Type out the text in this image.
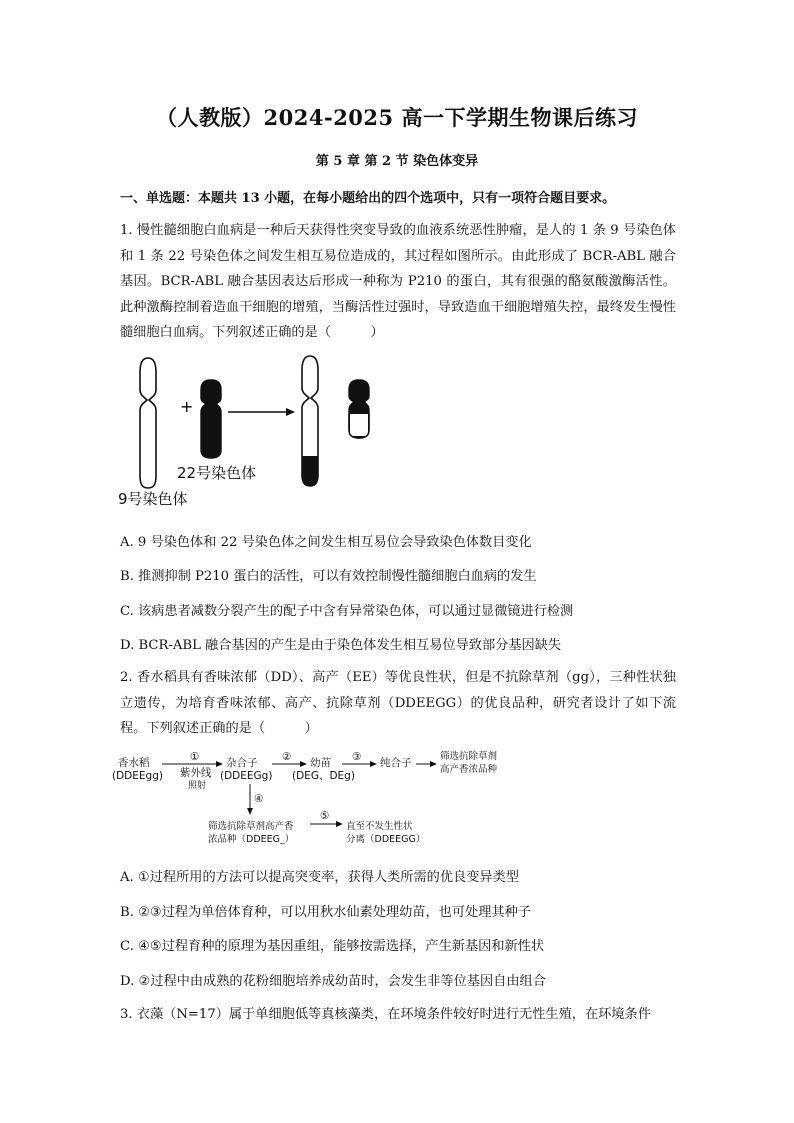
（人教版）2024-2025 高一下学期生物课后练习
第 5 章 第 2 节 染色体变异
一、单选题：本题共 13 小题，在每小题给出的四个选项中，只有一项符合题目要求。
1. 慢性髓细胞白血病是一种后天获得性突变导致的血液系统恶性肿瘤，是人的 1 条 9 号染色体和 1 条 22 号染色体之间发生相互易位造成的，其过程如图所示。由此形成了 BCR-ABL 融合基因。BCR-ABL 融合基因表达后形成一种称为 P210 的蛋白，其有很强的酪氨酸激酶活性。此种激酶控制着造血干细胞的增殖，当酶活性过强时，导致造血干细胞增殖失控，最终发生慢性髓细胞白血病。下列叙述正确的是（　　　）
+
22号染色体
9号染色体
A. 9 号染色体和 22 号染色体之间发生相互易位会导致染色体数目变化
B. 推测抑制 P210 蛋白的活性，可以有效控制慢性髓细胞白血病的发生
C. 该病患者减数分裂产生的配子中含有异常染色体，可以通过显微镜进行检测
D. BCR-ABL 融合基因的产生是由于染色体发生相互易位导致部分基因缺失
2. 香水稻具有香味浓郁（DD）、高产（EE）等优良性状，但是不抗除草剂（gg），三种性状独立遗传，为培育香味浓郁、高产、抗除草剂（DDEEGG）的优良品种，研究者设计了如下流程。下列叙述正确的是（　　　）
香水稻
(DDEEgg)
①
紫外线
照射
杂合子
(DDEEGg)
② 幼苗
(DEG、DEg)
③ 纯合子
筛选抗除草剂
高产香浓品种
④
筛选抗除草剂高产香
浓品种（DDEEG_）
⑤
直至不发生性状
分离（DDEEGG）
A. ①过程所用的方法可以提高突变率，获得人类所需的优良变异类型
B. ②③过程为单倍体育种，可以用秋水仙素处理幼苗，也可处理其种子
C. ④⑤过程育种的原理为基因重组，能够按需选择，产生新基因和新性状
D. ②过程中由成熟的花粉细胞培养成幼苗时，会发生非等位基因自由组合
3. 衣藻（N=17）属于单细胞低等真核藻类，在环境条件较好时进行无性生殖，在环境条件
